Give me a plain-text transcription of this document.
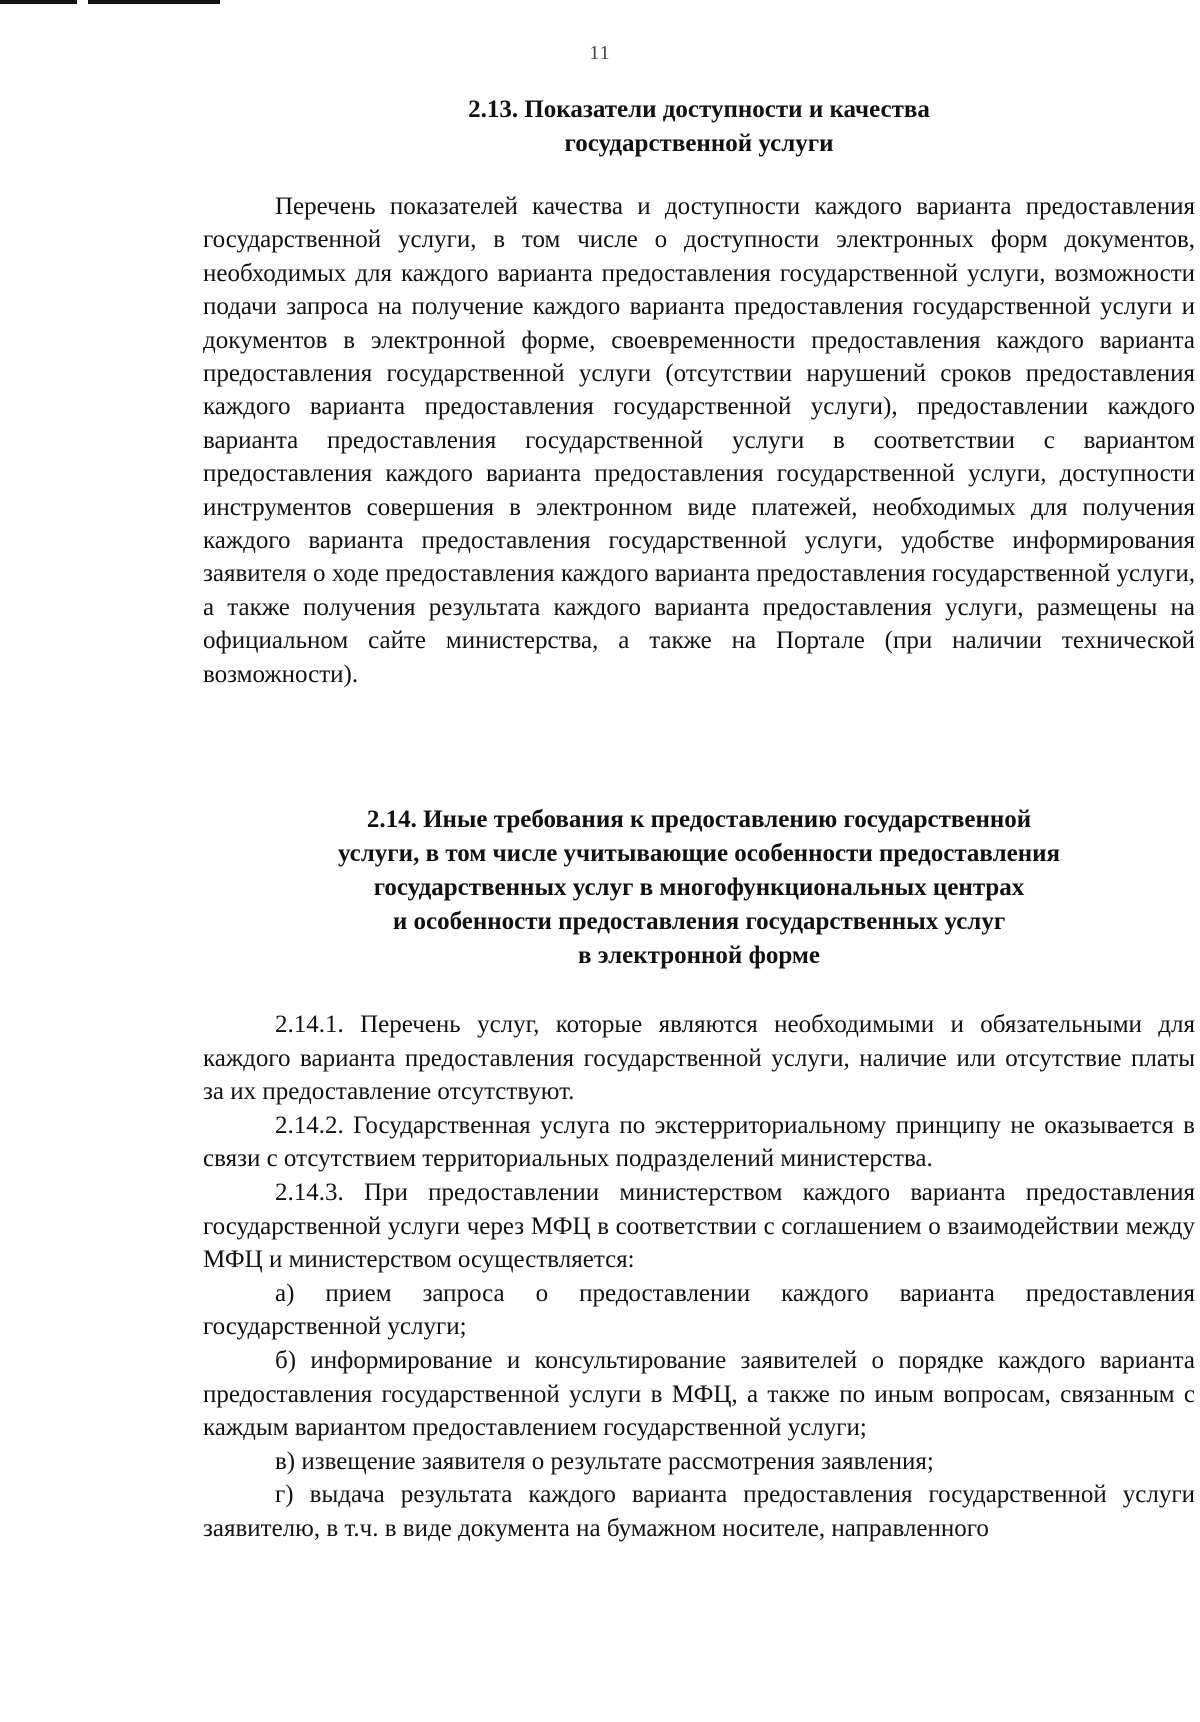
11
2.13. Показатели доступности и качества
государственной услуги

Перечень показателей качества и доступности каждого варианта предоставления государственной услуги, в том числе о доступности электронных форм документов, необходимых для каждого варианта предоставления государственной услуги, возможности подачи запроса на получение каждого варианта предоставления государственной услуги и документов в электронной форме, своевременности предоставления каждого варианта предоставления государственной услуги (отсутствии нарушений сроков предоставления каждого варианта предоставления государственной услуги), предоставлении каждого варианта предоставления государственной услуги в соответствии с вариантом предоставления каждого варианта предоставления государственной услуги, доступности инструментов совершения в электронном виде платежей, необходимых для получения каждого варианта предоставления государственной услуги, удобстве информирования заявителя о ходе предоставления каждого варианта предоставления государственной услуги, а также получения результата каждого варианта предоставления услуги, размещены на официальном сайте министерства, а также на Портале (при наличии технической возможности).

2.14. Иные требования к предоставлению государственной
услуги, в том числе учитывающие особенности предоставления
государственных услуг в многофункциональных центрах
и особенности предоставления государственных услуг
в электронной форме

2.14.1. Перечень услуг, которые являются необходимыми и обязательными для каждого варианта предоставления государственной услуги, наличие или отсутствие платы за их предоставление отсутствуют.

2.14.2. Государственная услуга по экстерриториальному принципу не оказывается в связи с отсутствием территориальных подразделений министерства.

2.14.3. При предоставлении министерством каждого варианта предоставления государственной услуги через МФЦ в соответствии с соглашением о взаимодействии между МФЦ и министерством осуществляется:

а) прием запроса о предоставлении каждого варианта предоставления государственной услуги;

б) информирование и консультирование заявителей о порядке каждого варианта предоставления государственной услуги в МФЦ, а также по иным вопросам, связанным с каждым вариантом предоставлением государственной услуги;

в) извещение заявителя о результате рассмотрения заявления;

г) выдача результата каждого варианта предоставления государственной услуги заявителю, в т.ч. в виде документа на бумажном носителе, направленного
